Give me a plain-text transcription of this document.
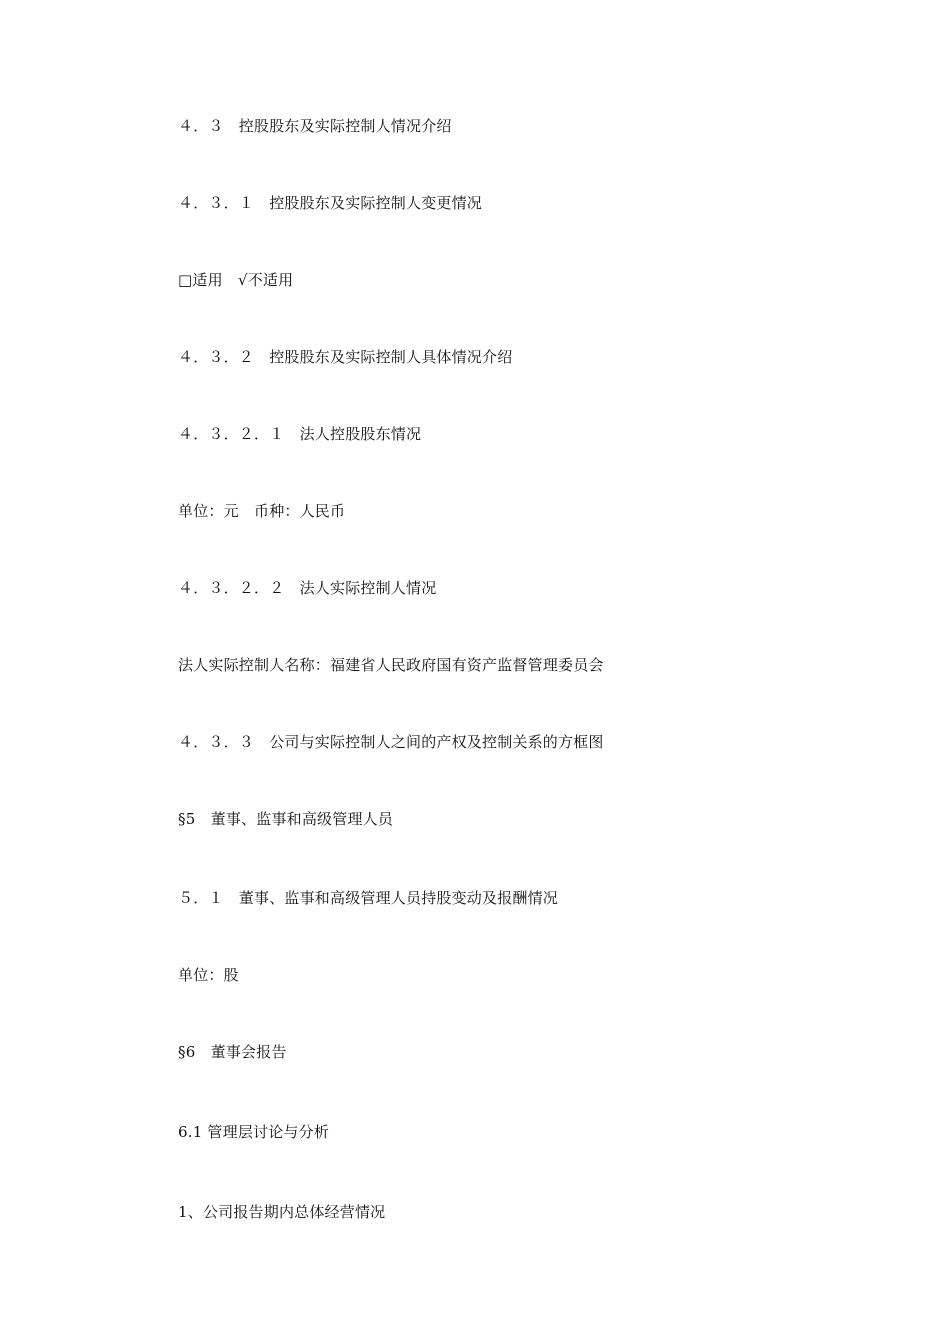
４．３　控股股东及实际控制人情况介绍
４．３．１　控股股东及实际控制人变更情况
□适用　√不适用
４．３．２　控股股东及实际控制人具体情况介绍
４．３．２．１　法人控股股东情况
单位：元　币种：人民币
４．３．２．２　法人实际控制人情况
法人实际控制人名称：福建省人民政府国有资产监督管理委员会
４．３．３　公司与实际控制人之间的产权及控制关系的方框图
§5　董事、监事和高级管理人员
５．１　董事、监事和高级管理人员持股变动及报酬情况
单位：股
§6　董事会报告
6.1 管理层讨论与分析
1、公司报告期内总体经营情况
